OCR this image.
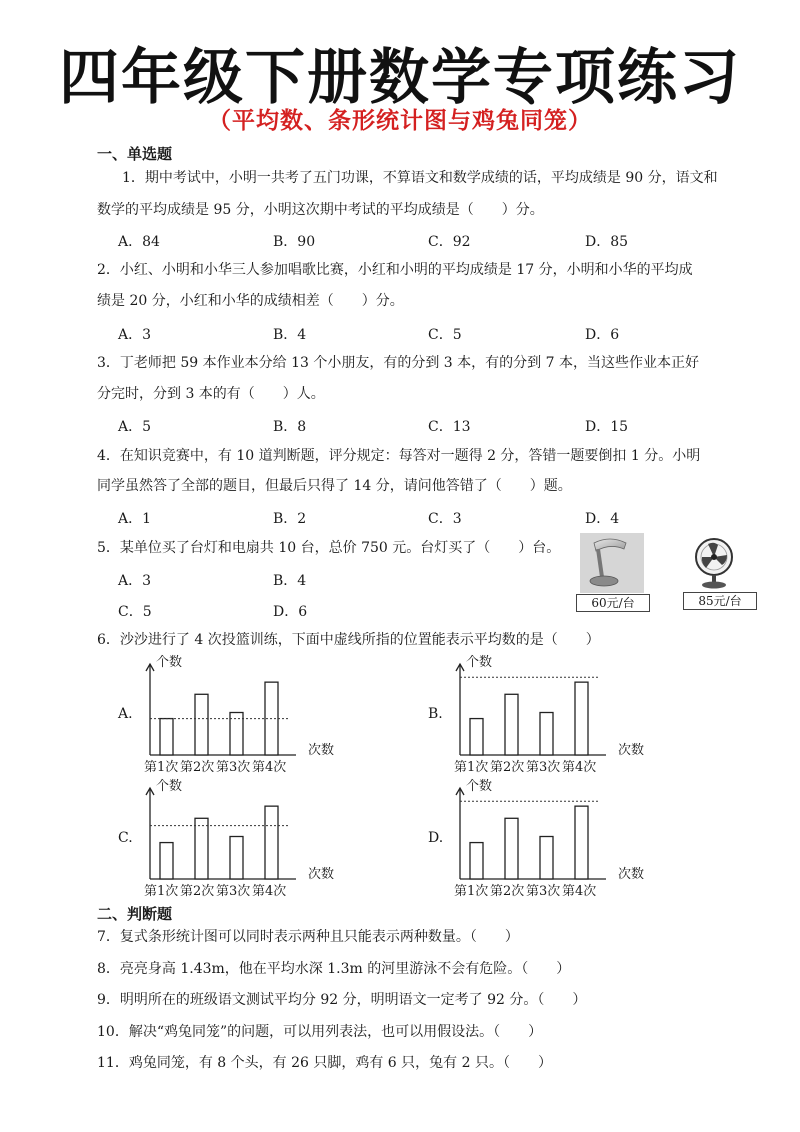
四年级下册数学专项练习
（平均数、条形统计图与鸡兔同笼）
一、单选题
1．期中考试中，小明一共考了五门功课，不算语文和数学成绩的话，平均成绩是 90 分，语文和
数学的平均成绩是 95 分，小明这次期中考试的平均成绩是（　　）分。
A．84	B．90	C．92	D．85
2．小红、小明和小华三人参加唱歌比赛，小红和小明的平均成绩是 17 分，小明和小华的平均成
绩是 20 分，小红和小华的成绩相差（　　）分。
A．3	B．4	C．5	D．6
3．丁老师把 59 本作业本分给 13 个小朋友，有的分到 3 本，有的分到 7 本，当这些作业本正好
分完时，分到 3 本的有（　　）人。
A．5	B．8	C．13	D．15
4．在知识竞赛中，有 10 道判断题，评分规定：每答对一题得 2 分，答错一题要倒扣 1 分。小明
同学虽然答了全部的题目，但最后只得了 14 分，请问他答错了（　　）题。
A．1	B．2	C．3	D．4
5．某单位买了台灯和电扇共 10 台，总价 750 元。台灯买了（　　）台。
A．3	B．4
C．5	D．6
60元/台	85元/台
6．沙沙进行了 4 次投篮训练，下面中虚线所指的位置能表示平均数的是（　　）
A.	B.
C.	D.
个数
次数
第1次 第2次 第3次 第4次
个数
次数
第1次 第2次 第3次 第4次
个数
次数
第1次 第2次 第3次 第4次
个数
次数
第1次 第2次 第3次 第4次
二、判断题
7．复式条形统计图可以同时表示两种且只能表示两种数量。（　　）
8．亮亮身高 1.43m，他在平均水深 1.3m 的河里游泳不会有危险。（　　）
9．明明所在的班级语文测试平均分 92 分，明明语文一定考了 92 分。（　　）
10．解决“鸡兔同笼”的问题，可以用列表法，也可以用假设法。（　　）
11．鸡兔同笼，有 8 个头，有 26 只脚，鸡有 6 只，兔有 2 只。（　　）
